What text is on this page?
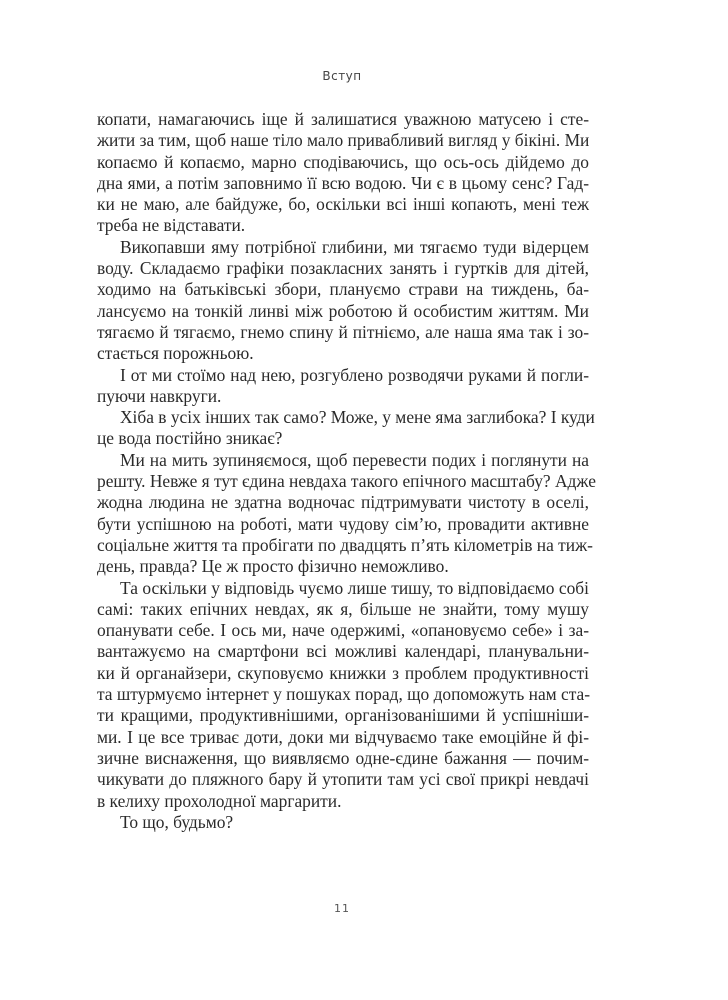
Вступ
копати, намагаючись іще й залишатися уважною матусею і сте-
жити за тим, щоб наше тіло мало привабливий вигляд у бікіні. Ми
копаємо й копаємо, марно сподіваючись, що ось-ось дійдемо до
дна ями, а потім заповнимо її всю водою. Чи є в цьому сенс? Гад-
ки не маю, але байдуже, бо, оскільки всі інші копають, мені теж
треба не відставати.
Викопавши яму потрібної глибини, ми тягаємо туди відерцем
воду. Складаємо графіки позакласних занять і гуртків для дітей,
ходимо на батьківські збори, плануємо страви на тиждень, ба-
лансуємо на тонкій линві між роботою й особистим життям. Ми
тягаємо й тягаємо, гнемо спину й пітніємо, але наша яма так і зо-
стається порожньою.
І от ми стоїмо над нею, розгублено розводячи руками й погли-
пуючи навкруги.
Хіба в усіх інших так само? Може, у мене яма заглибока? І куди
це вода постійно зникає?
Ми на мить зупиняємося, щоб перевести подих і поглянути на
решту. Невже я тут єдина невдаха такого епічного масштабу? Адже
жодна людина не здатна водночас підтримувати чистоту в оселі,
бути успішною на роботі, мати чудову сім’ю, провадити активне
соціальне життя та пробігати по двадцять п’ять кілометрів на тиж-
день, правда? Це ж просто фізично неможливо.
Та оскільки у відповідь чуємо лише тишу, то відповідаємо собі
самі: таких епічних невдах, як я, більше не знайти, тому мушу
опанувати себе. І ось ми, наче одержимі, «опановуємо себе» і за-
вантажуємо на смартфони всі можливі календарі, планувальни-
ки й органайзери, скуповуємо книжки з проблем продуктивності
та штурмуємо інтернет у пошуках порад, що допоможуть нам ста-
ти кращими, продуктивнішими, організованішими й успішніши-
ми. І це все триває доти, доки ми відчуваємо таке емоційне й фі-
зичне виснаження, що виявляємо одне-єдине бажання — почим-
чикувати до пляжного бару й утопити там усі свої прикрі невдачі
в келиху прохолодної маргарити.
То що, будьмо?
11
